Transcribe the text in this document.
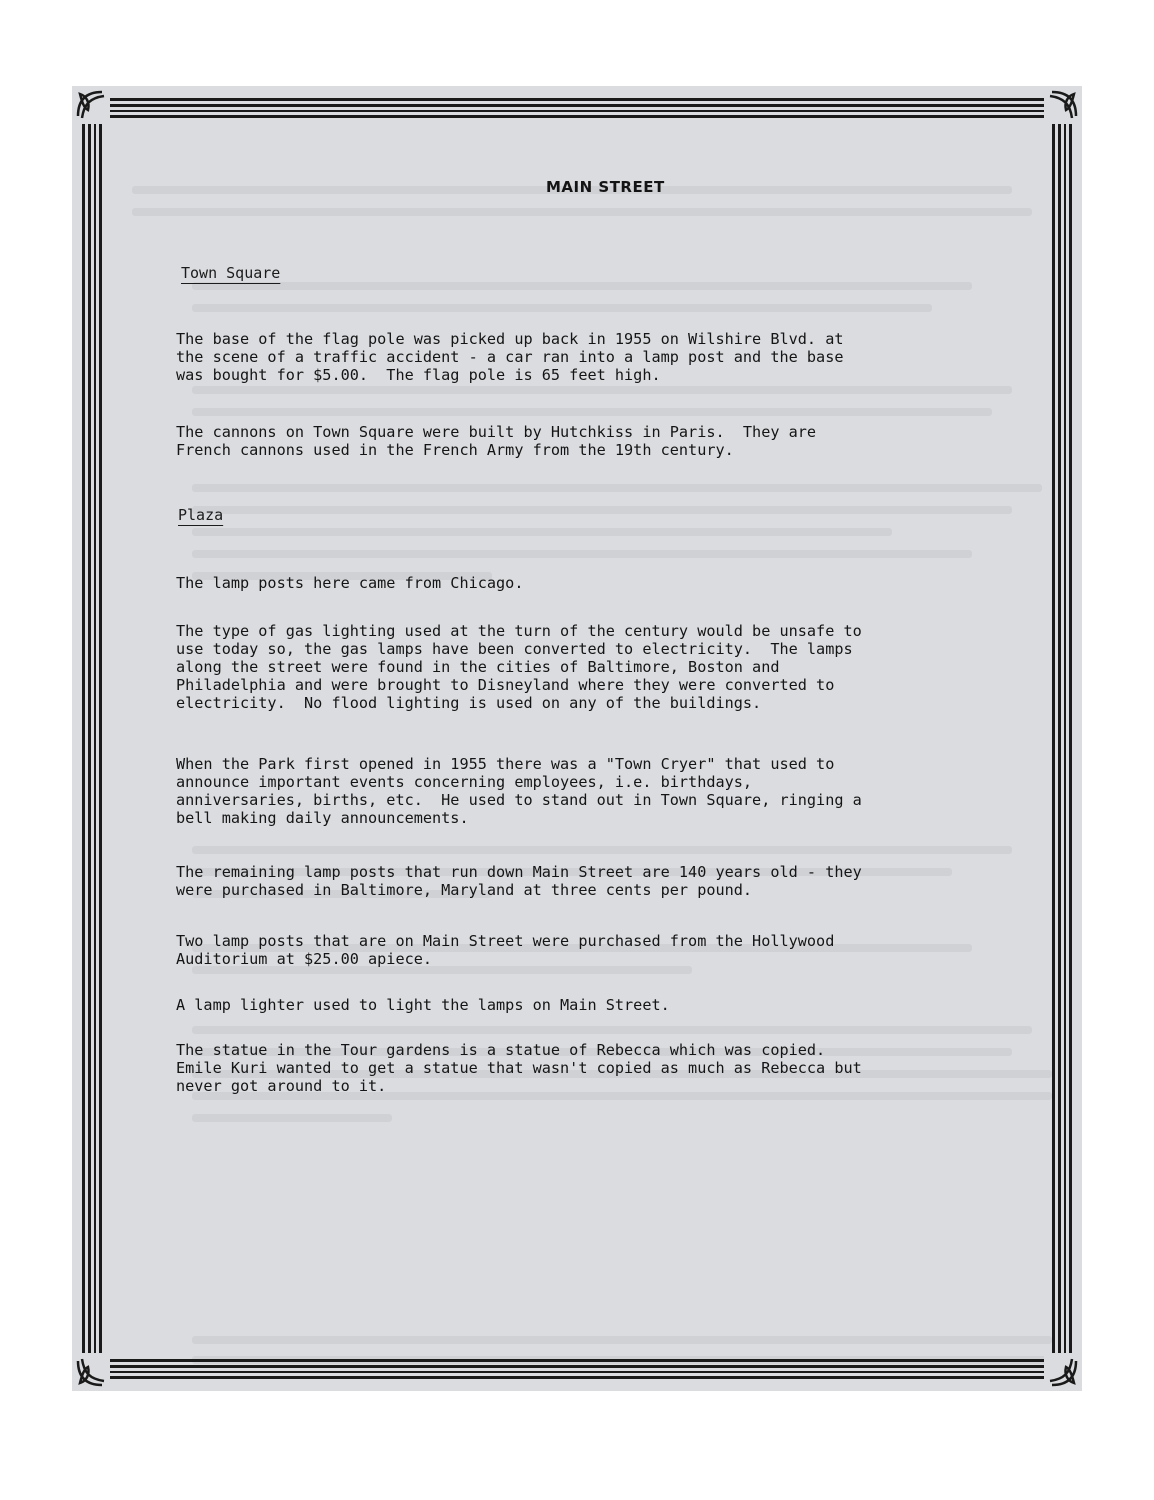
MAIN STREET
Town Square

The base of the flag pole was picked up back in 1955 on Wilshire Blvd. at
the scene of a traffic accident - a car ran into a lamp post and the base
was bought for $5.00.  The flag pole is 65 feet high.

The cannons on Town Square were built by Hutchkiss in Paris.  They are
French cannons used in the French Army from the 19th century.

Plaza

The lamp posts here came from Chicago.

The type of gas lighting used at the turn of the century would be unsafe to
use today so, the gas lamps have been converted to electricity.  The lamps
along the street were found in the cities of Baltimore, Boston and
Philadelphia and were brought to Disneyland where they were converted to
electricity.  No flood lighting is used on any of the buildings.

When the Park first opened in 1955 there was a "Town Cryer" that used to
announce important events concerning employees, i.e. birthdays,
anniversaries, births, etc.  He used to stand out in Town Square, ringing a
bell making daily announcements.

The remaining lamp posts that run down Main Street are 140 years old - they
were purchased in Baltimore, Maryland at three cents per pound.

Two lamp posts that are on Main Street were purchased from the Hollywood
Auditorium at $25.00 apiece.

A lamp lighter used to light the lamps on Main Street.

The statue in the Tour gardens is a statue of Rebecca which was copied.
Emile Kuri wanted to get a statue that wasn't copied as much as Rebecca but
never got around to it.
